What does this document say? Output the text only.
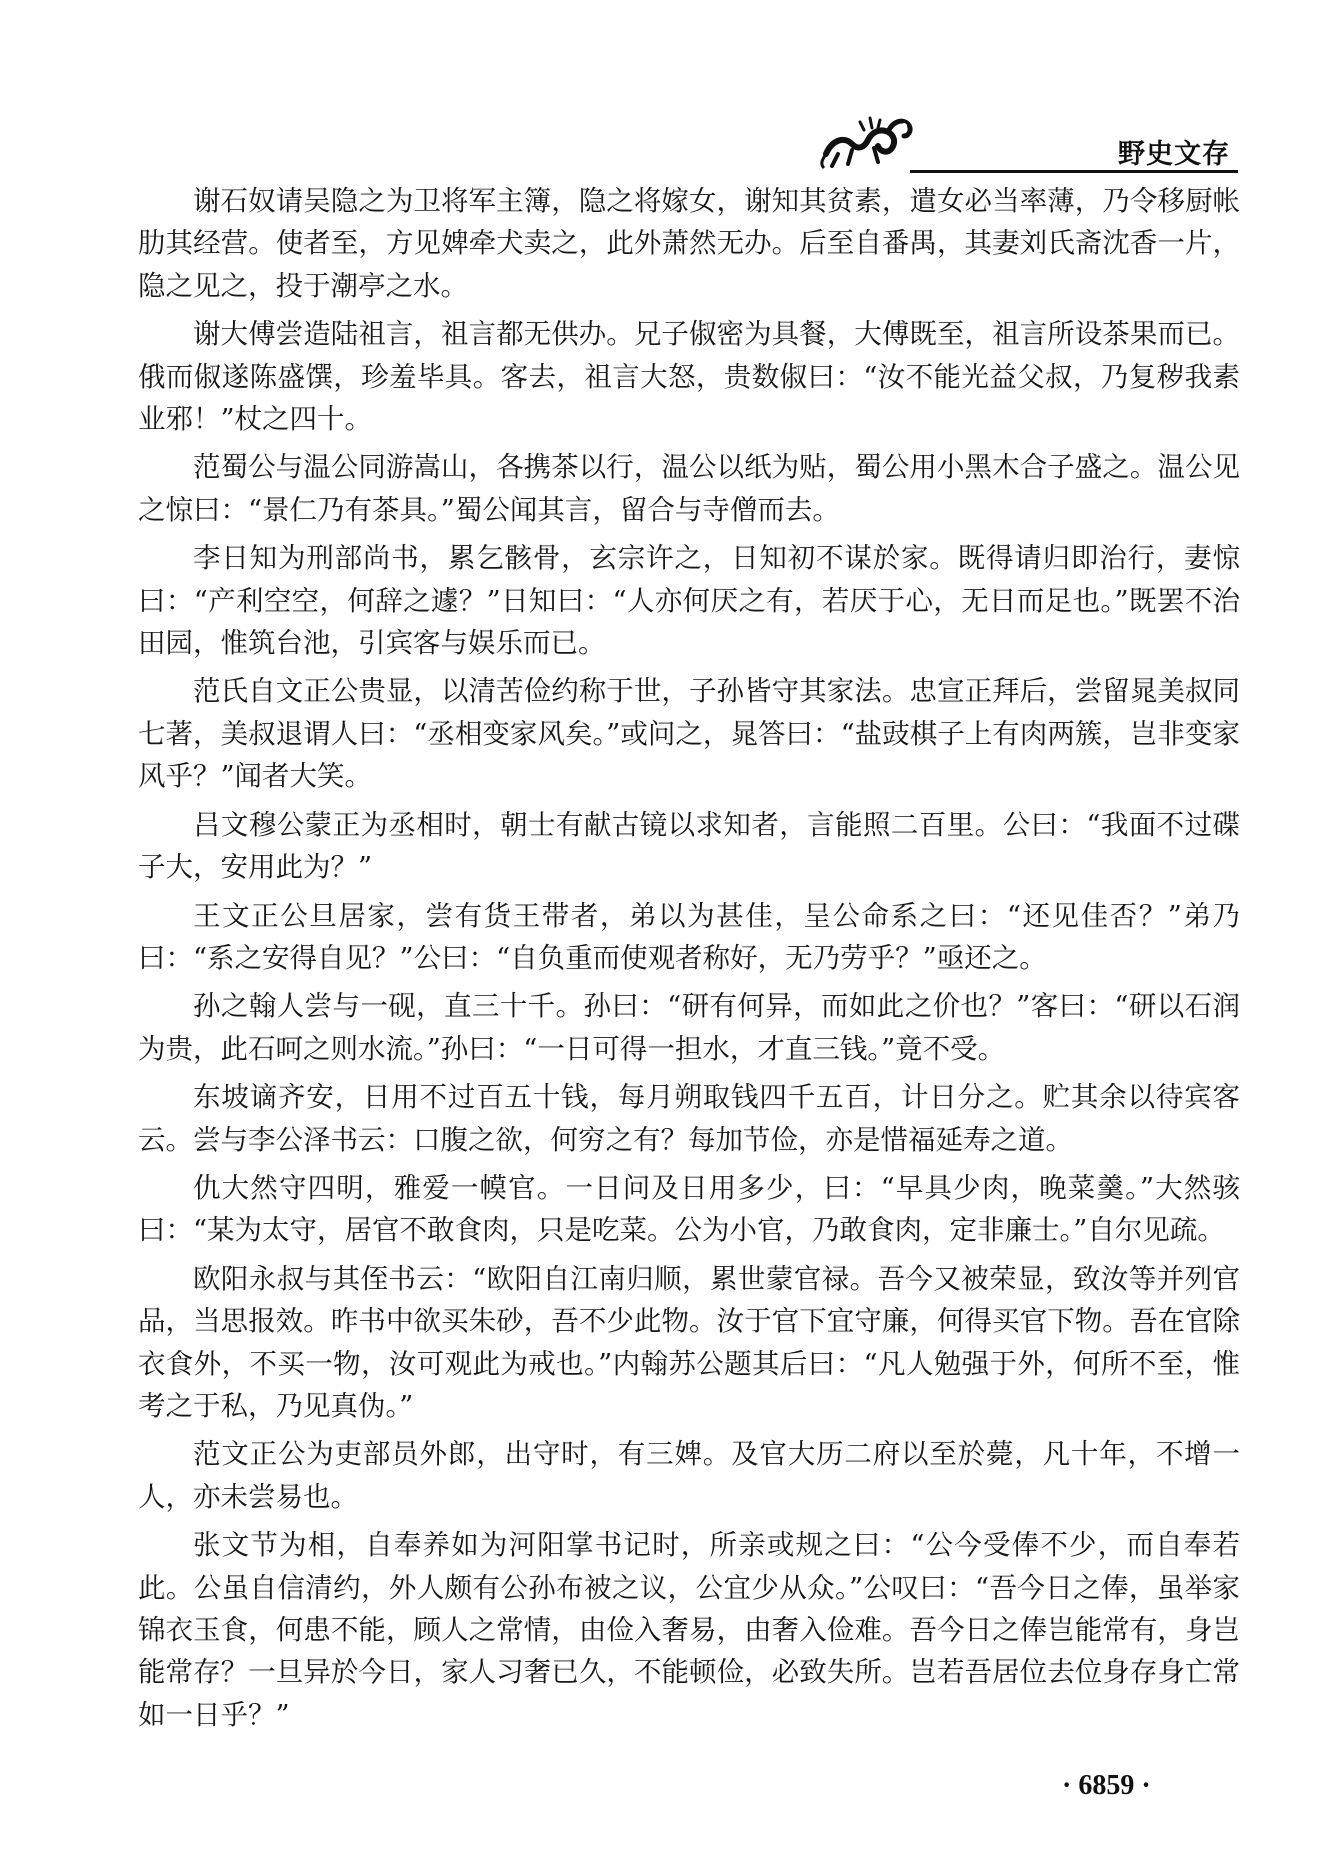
野史文存

谢石奴请吴隐之为卫将军主簿，隐之将嫁女，谢知其贫素，遣女必当率薄，乃令移厨帐肋其经营。使者至，方见婢牵犬卖之，此外萧然无办。后至自番禺，其妻刘氏斋沈香一片，隐之见之，投于潮亭之水。

谢大傅尝造陆祖言，祖言都无供办。兄子俶密为具餐，大傅既至，祖言所设茶果而已。俄而俶遂陈盛馔，珍羞毕具。客去，祖言大怒，贵数俶曰：“汝不能光益父叔，乃复秽我素业邪！”杖之四十。

范蜀公与温公同游嵩山，各携茶以行，温公以纸为贴，蜀公用小黑木合子盛之。温公见之惊曰：“景仁乃有茶具。”蜀公闻其言，留合与寺僧而去。

李日知为刑部尚书，累乞骸骨，玄宗许之，日知初不谋於家。既得请归即治行，妻惊曰：“产利空空，何辞之遽？”日知曰：“人亦何厌之有，若厌于心，无日而足也。”既罢不治田园，惟筑台池，引宾客与娱乐而已。

范氏自文正公贵显，以清苦俭约称于世，子孙皆守其家法。忠宣正拜后，尝留晁美叔同七著，美叔退谓人曰：“丞相变家风矣。”或问之，晁答曰：“盐豉棋子上有肉两簇，岂非变家风乎？”闻者大笑。

吕文穆公蒙正为丞相时，朝士有献古镜以求知者，言能照二百里。公曰：“我面不过碟子大，安用此为？”

王文正公旦居家，尝有货王带者，弟以为甚佳，呈公命系之曰：“还见佳否？”弟乃曰：“系之安得自见？”公曰：“自负重而使观者称好，无乃劳乎？”亟还之。

孙之翰人尝与一砚，直三十千。孙曰：“研有何异，而如此之价也？”客曰：“研以石润为贵，此石呵之则水流。”孙曰：“一日可得一担水，才直三钱。”竟不受。

东坡谪齐安，日用不过百五十钱，每月朔取钱四千五百，计日分之。贮其余以待宾客云。尝与李公泽书云：口腹之欲，何穷之有？每加节俭，亦是惜福延寿之道。

仇大然守四明，雅爱一幙官。一日问及日用多少，曰：“早具少肉，晚菜羹。”大然骇曰：“某为太守，居官不敢食肉，只是吃菜。公为小官，乃敢食肉，定非廉士。”自尔见疏。

欧阳永叔与其侄书云：“欧阳自江南归顺，累世蒙官禄。吾今又被荣显，致汝等并列官品，当思报效。昨书中欲买朱砂，吾不少此物。汝于官下宜守廉，何得买官下物。吾在官除衣食外，不买一物，汝可观此为戒也。”内翰苏公题其后曰：“凡人勉强于外，何所不至，惟考之于私，乃见真伪。”

范文正公为吏部员外郎，出守时，有三婢。及官大历二府以至於薨，凡十年，不增一人，亦未尝易也。

张文节为相，自奉养如为河阳掌书记时，所亲或规之曰：“公今受俸不少，而自奉若此。公虽自信清约，外人颇有公孙布被之议，公宜少从众。”公叹曰：“吾今日之俸，虽举家锦衣玉食，何患不能，顾人之常情，由俭入奢易，由奢入俭难。吾今日之俸岂能常有，身岂能常存？一旦异於今日，家人习奢已久，不能顿俭，必致失所。岂若吾居位去位身存身亡常如一日乎？”

· 6859 ·
